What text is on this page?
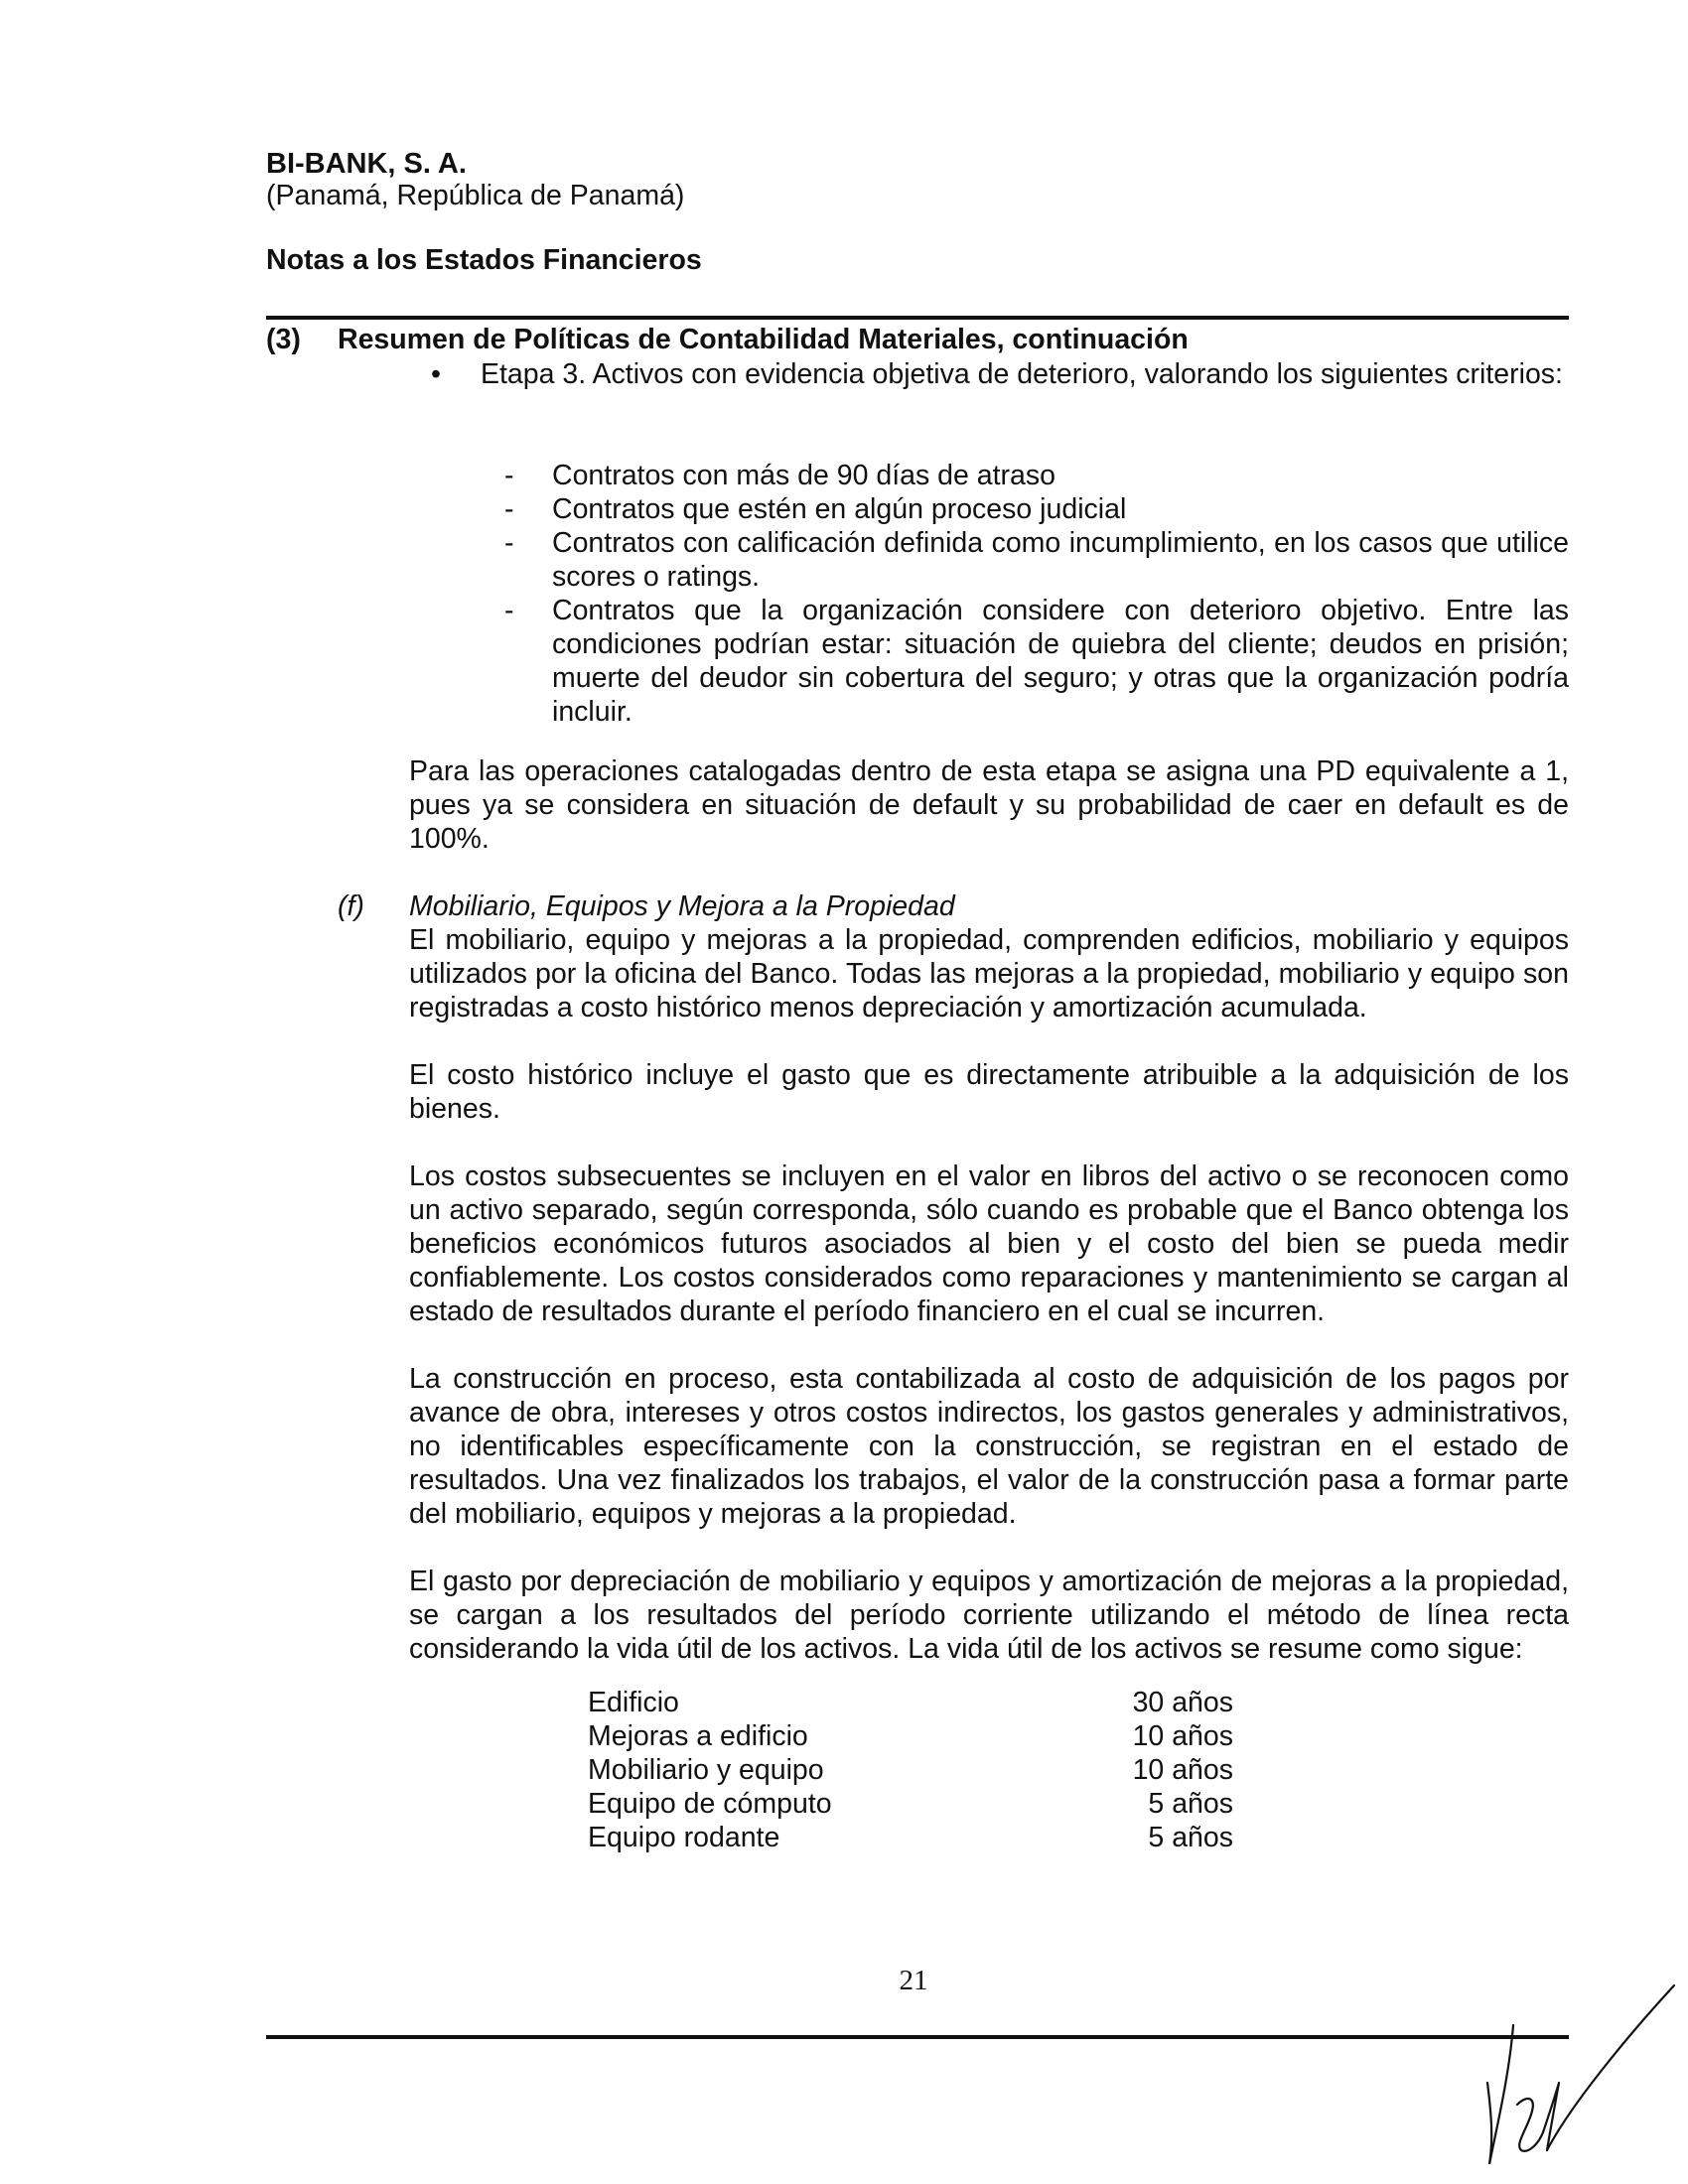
BI-BANK, S. A.
(Panamá, República de Panamá)
Notas a los Estados Financieros
(3) Resumen de Políticas de Contabilidad Materiales, continuación
• Etapa 3. Activos con evidencia objetiva de deterioro, valorando los siguientes criterios:
- Contratos con más de 90 días de atraso
- Contratos que estén en algún proceso judicial
- Contratos con calificación definida como incumplimiento, en los casos que utilice scores o ratings.
- Contratos que la organización considere con deterioro objetivo. Entre las condiciones podrían estar: situación de quiebra del cliente; deudos en prisión; muerte del deudor sin cobertura del seguro; y otras que la organización podría incluir.
Para las operaciones catalogadas dentro de esta etapa se asigna una PD equivalente a 1, pues ya se considera en situación de default y su probabilidad de caer en default es de 100%.
(f) Mobiliario, Equipos y Mejora a la Propiedad
El mobiliario, equipo y mejoras a la propiedad, comprenden edificios, mobiliario y equipos utilizados por la oficina del Banco. Todas las mejoras a la propiedad, mobiliario y equipo son registradas a costo histórico menos depreciación y amortización acumulada.
El costo histórico incluye el gasto que es directamente atribuible a la adquisición de los bienes.
Los costos subsecuentes se incluyen en el valor en libros del activo o se reconocen como un activo separado, según corresponda, sólo cuando es probable que el Banco obtenga los beneficios económicos futuros asociados al bien y el costo del bien se pueda medir confiablemente. Los costos considerados como reparaciones y mantenimiento se cargan al estado de resultados durante el período financiero en el cual se incurren.
La construcción en proceso, esta contabilizada al costo de adquisición de los pagos por avance de obra, intereses y otros costos indirectos, los gastos generales y administrativos, no identificables específicamente con la construcción, se registran en el estado de resultados. Una vez finalizados los trabajos, el valor de la construcción pasa a formar parte del mobiliario, equipos y mejoras a la propiedad.
El gasto por depreciación de mobiliario y equipos y amortización de mejoras a la propiedad, se cargan a los resultados del período corriente utilizando el método de línea recta considerando la vida útil de los activos. La vida útil de los activos se resume como sigue:
Edificio	30 años
Mejoras a edificio	10 años
Mobiliario y equipo	10 años
Equipo de cómputo	5 años
Equipo rodante	5 años
21
